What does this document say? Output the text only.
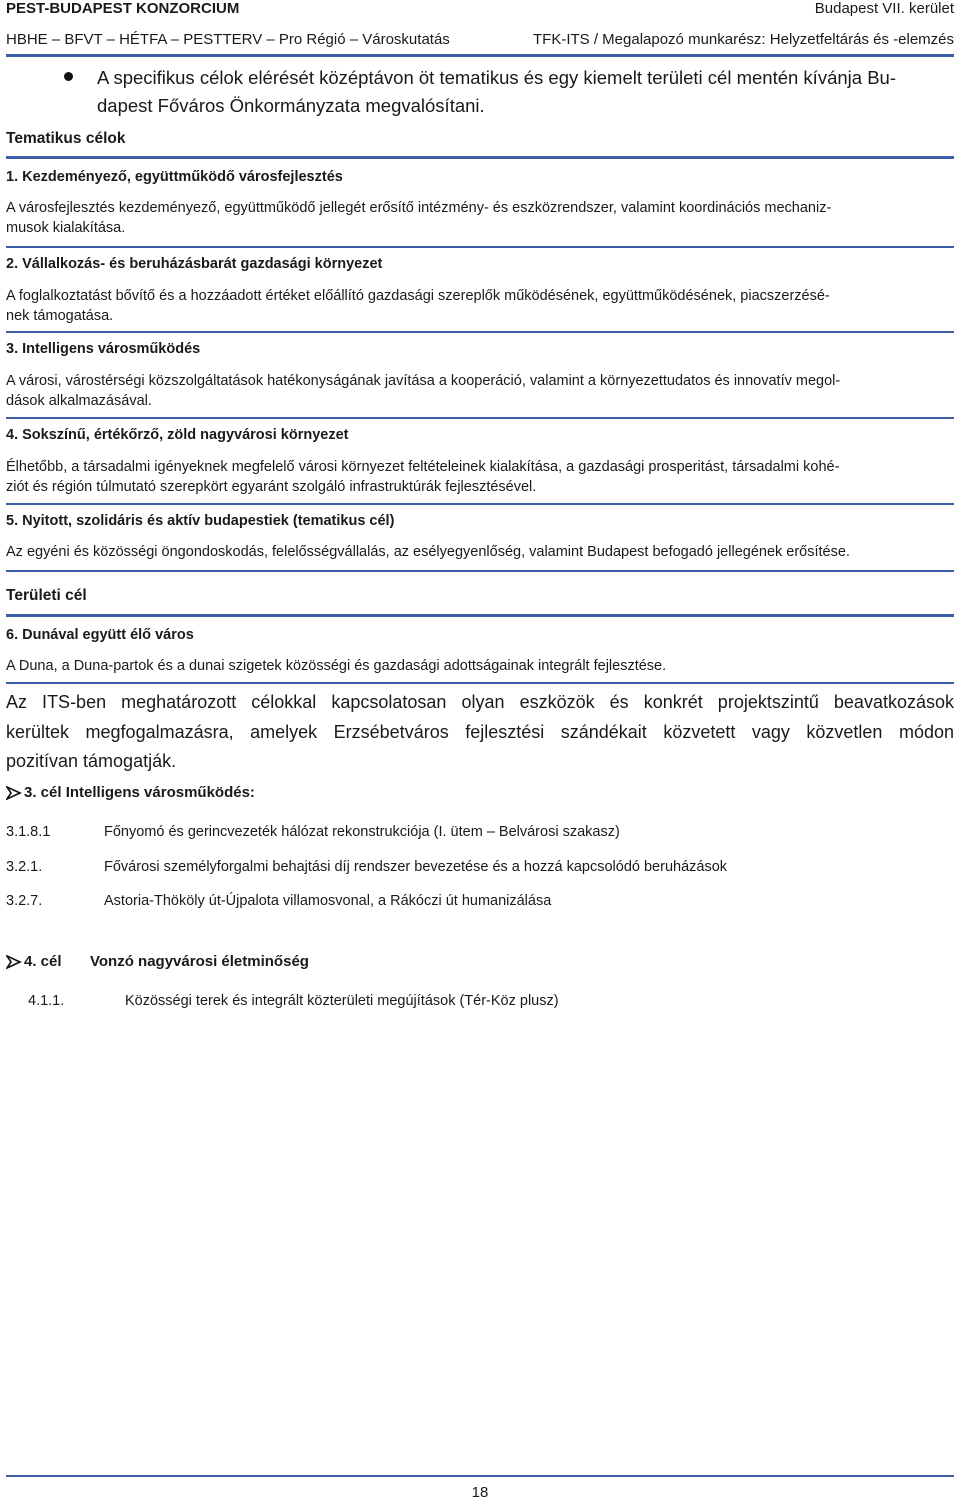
PEST-BUDAPEST KONZORCIUM	Budapest VII. kerület
HBHE – BFVT – HÉTFA – PESTTERV – Pro Régió – Városkutatás	TFK-ITS / Megalapozó munkarész: Helyzetfeltárás és -elemzés
A specifikus célok elérését középtávon öt tematikus és egy kiemelt területi cél mentén kívánja Bu-
dapest Főváros Önkormányzata megvalósítani.
Tematikus célok
1. Kezdeményező, együttműködő városfejlesztés
A városfejlesztés kezdeményező, együttműködő jellegét erősítő intézmény- és eszközrendszer, valamint koordinációs mechaniz-
musok kialakítása.
2. Vállalkozás- és beruházásbarát gazdasági környezet
A foglalkoztatást bővítő és a hozzáadott értéket előállító gazdasági szereplők működésének, együttműködésének, piacszerzésé-
nek támogatása.
3. Intelligens városműködés
A városi, várostérségi közszolgáltatások hatékonyságának javítása a kooperáció, valamint a környezettudatos és innovatív megol-
dások alkalmazásával.
4. Sokszínű, értékőrző, zöld nagyvárosi környezet
Élhetőbb, a társadalmi igényeknek megfelelő városi környezet feltételeinek kialakítása, a gazdasági prosperitást, társadalmi kohé-
ziót és régión túlmutató szerepkört egyaránt szolgáló infrastruktúrák fejlesztésével.
5. Nyitott, szolidáris és aktív budapestiek (tematikus cél)
Az egyéni és közösségi öngondoskodás, felelősségvállalás, az esélyegyenlőség, valamint Budapest befogadó jellegének erősítése.
Területi cél
6. Dunával együtt élő város
A Duna, a Duna-partok és a dunai szigetek közösségi és gazdasági adottságainak integrált fejlesztése.
Az ITS-ben meghatározott célokkal kapcsolatosan olyan eszközök és konkrét projektszintű beavatkozások
kerültek megfogalmazásra, amelyek Erzsébetváros fejlesztési szándékait közvetett vagy közvetlen módon
pozitívan támogatják.
3. cél Intelligens városműködés:
3.1.8.1	Főnyomó és gerincvezeték hálózat rekonstrukciója (I. ütem – Belvárosi szakasz)
3.2.1.	Fővárosi személyforgalmi behajtási díj rendszer bevezetése és a hozzá kapcsolódó beruházások
3.2.7.	Astoria-Thököly út-Újpalota villamosvonal, a Rákóczi út humanizálása
4. cél Vonzó nagyvárosi életminőség
4.1.1.	Közösségi terek és integrált közterületi megújítások (Tér-Köz plusz)
18
